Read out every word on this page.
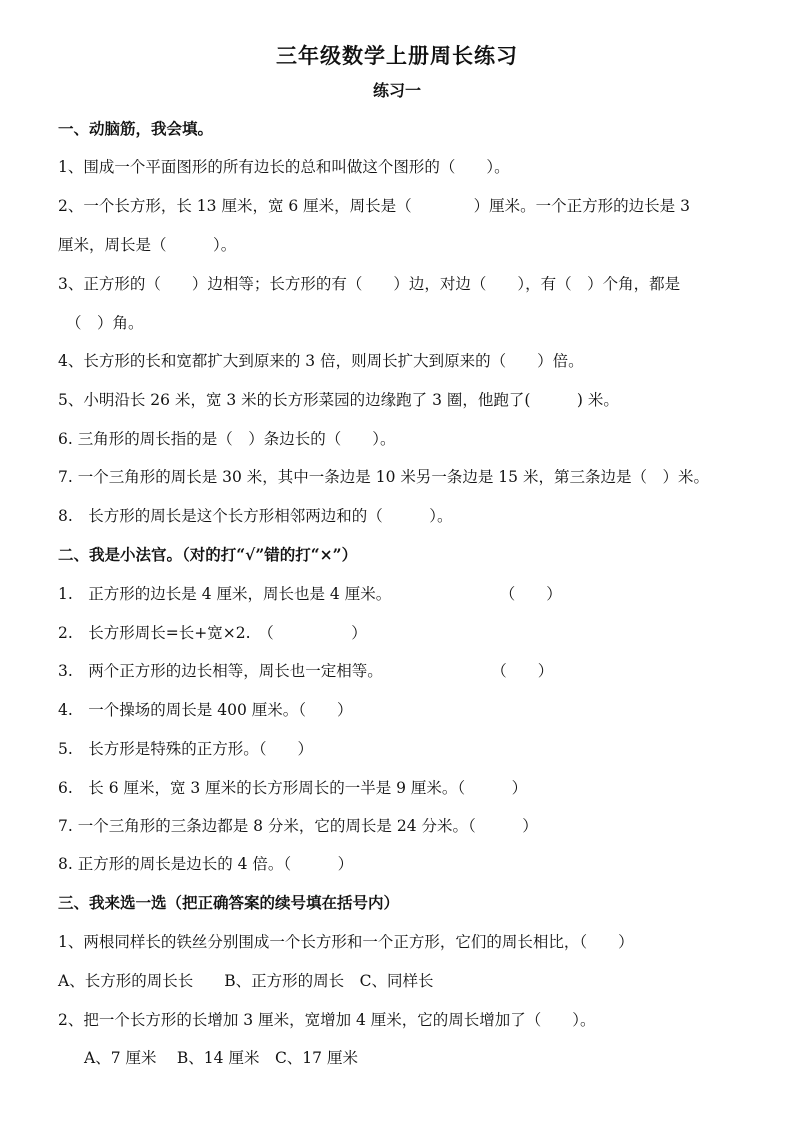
三年级数学上册周长练习
练习一
一、动脑筋，我会填。
1、围成一个平面图形的所有边长的总和叫做这个图形的（　　）。
2、一个长方形，长 13 厘米，宽 6 厘米，周长是（　　　　）厘米。一个正方形的边长是 3
厘米，周长是（　　　）。
3、正方形的（　　）边相等；长方形的有（　　）边，对边（　　），有（　）个角，都是
（　）角。
4、长方形的长和宽都扩大到原来的 3 倍，则周长扩大到原来的（　　）倍。
5、小明沿长 26 米，宽 3 米的长方形菜园的边缘跑了 3 圈，他跑了(　　　) 米。
6. 三角形的周长指的是（　）条边长的（　　）。
7. 一个三角形的周长是 30 米，其中一条边是 10 米另一条边是 15 米，第三条边是（　）米。
8.　长方形的周长是这个长方形相邻两边和的（　　　）。
二、我是小法官。（对的打“√”错的打“×”）
1.　正方形的边长是 4 厘米，周长也是 4 厘米。　　　　　　　　（　　）
2.　长方形周长=长+宽×2.　（　　　　　）
3.　两个正方形的边长相等，周长也一定相等。　　　　　　　　（　　）
4.　一个操场的周长是 400 厘米。（　　）
5.　长方形是特殊的正方形。（　　）
6.　长 6 厘米，宽 3 厘米的长方形周长的一半是 9 厘米。（　　　）
7. 一个三角形的三条边都是 8 分米，它的周长是 24 分米。（　　　）
8. 正方形的周长是边长的 4 倍。（　　　）
三、我来选一选（把正确答案的续号填在括号内）
1、两根同样长的铁丝分别围成一个长方形和一个正方形，它们的周长相比，（　　）
A、长方形的周长长　　B、正方形的周长　C、同样长
2、把一个长方形的长增加 3 厘米，宽增加 4 厘米，它的周长增加了（　　）。
A、7 厘米　 B、14 厘米　C、17 厘米
